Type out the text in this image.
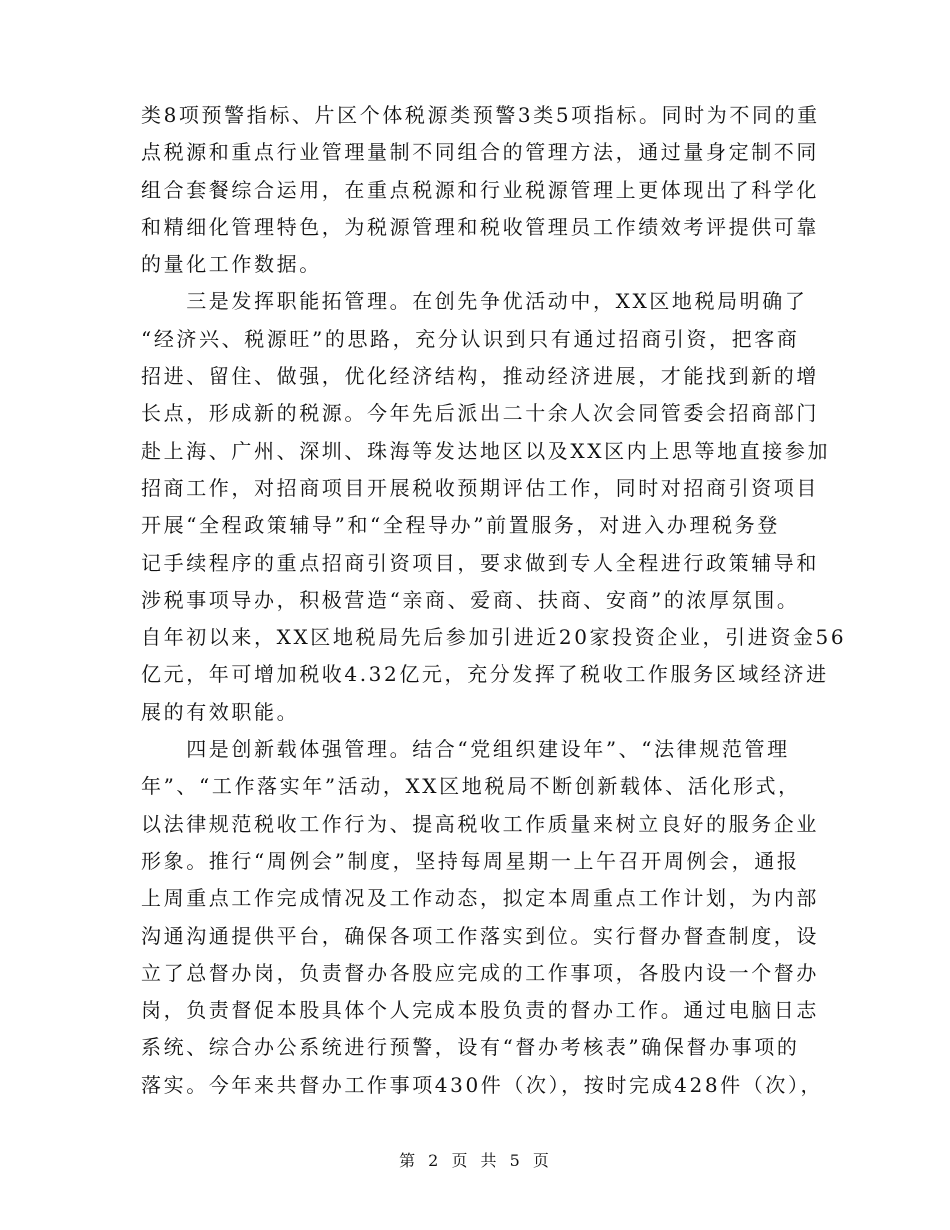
类8项预警指标、片区个体税源类预警3类5项指标。同时为不同的重
点税源和重点行业管理量制不同组合的管理方法，通过量身定制不同
组合套餐综合运用，在重点税源和行业税源管理上更体现出了科学化
和精细化管理特色，为税源管理和税收管理员工作绩效考评提供可靠
的量化工作数据。
　　三是发挥职能拓管理。在创先争优活动中，XX区地税局明确了
“经济兴、税源旺”的思路，充分认识到只有通过招商引资，把客商
招进、留住、做强，优化经济结构，推动经济进展，才能找到新的增
长点，形成新的税源。今年先后派出二十余人次会同管委会招商部门
赴上海、广州、深圳、珠海等发达地区以及XX区内上思等地直接参加
招商工作，对招商项目开展税收预期评估工作，同时对招商引资项目
开展“全程政策辅导”和“全程导办”前置服务，对进入办理税务登
记手续程序的重点招商引资项目，要求做到专人全程进行政策辅导和
涉税事项导办，积极营造“亲商、爱商、扶商、安商”的浓厚氛围。
自年初以来，XX区地税局先后参加引进近20家投资企业，引进资金56
亿元，年可增加税收4.32亿元，充分发挥了税收工作服务区域经济进
展的有效职能。
　　四是创新载体强管理。结合“党组织建设年”、“法律规范管理
年”、“工作落实年”活动，XX区地税局不断创新载体、活化形式，
以法律规范税收工作行为、提高税收工作质量来树立良好的服务企业
形象。推行“周例会”制度，坚持每周星期一上午召开周例会，通报
上周重点工作完成情况及工作动态，拟定本周重点工作计划，为内部
沟通沟通提供平台，确保各项工作落实到位。实行督办督查制度，设
立了总督办岗，负责督办各股应完成的工作事项，各股内设一个督办
岗，负责督促本股具体个人完成本股负责的督办工作。通过电脑日志
系统、综合办公系统进行预警，设有“督办考核表”确保督办事项的
落实。今年来共督办工作事项430件（次），按时完成428件（次），
第 2 页 共 5 页
